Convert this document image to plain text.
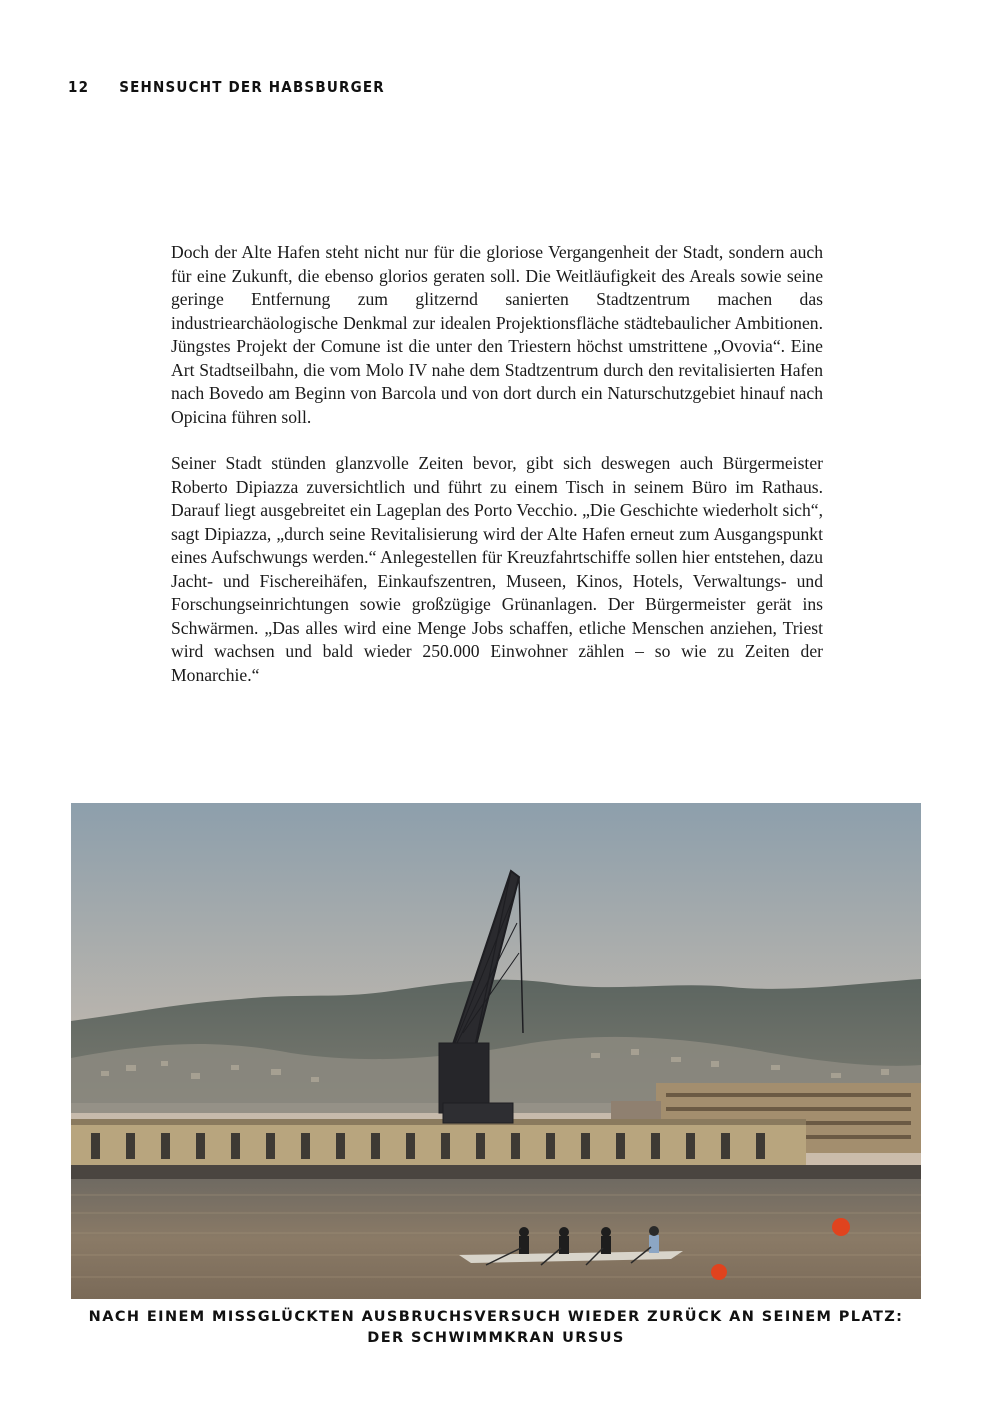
12 SEHNSUCHT DER HABSBURGER

Doch der Alte Hafen steht nicht nur für die gloriose Vergangenheit der Stadt, sondern auch für eine Zukunft, die ebenso glorios geraten soll. Die Weitläufigkeit des Areals sowie seine geringe Entfernung zum glitzernd sanierten Stadtzentrum machen das industriearchäologische Denkmal zur idealen Projektionsfläche städtebaulicher Ambitionen. Jüngstes Projekt der Comune ist die unter den Triestern höchst umstrittene „Ovovia“. Eine Art Stadtseilbahn, die vom Molo IV nahe dem Stadtzentrum durch den revitalisierten Hafen nach Bovedo am Beginn von Barcola und von dort durch ein Naturschutzgebiet hinauf nach Opicina führen soll.

Seiner Stadt stünden glanzvolle Zeiten bevor, gibt sich deswegen auch Bürgermeister Roberto Dipiazza zuversichtlich und führt zu einem Tisch in seinem Büro im Rathaus. Darauf liegt ausgebreitet ein Lageplan des Porto Vecchio. „Die Geschichte wiederholt sich“, sagt Dipiazza, „durch seine Revitalisierung wird der Alte Hafen erneut zum Ausgangspunkt eines Aufschwungs werden.“ Anlegestellen für Kreuzfahrtschiffe sollen hier entstehen, dazu Jacht- und Fischereihäfen, Einkaufszentren, Museen, Kinos, Hotels, Verwaltungs- und Forschungseinrichtungen sowie großzügige Grünanlagen. Der Bürgermeister gerät ins Schwärmen. „Das alles wird eine Menge Jobs schaffen, etliche Menschen anziehen, Triest wird wachsen und bald wieder 250.000 Einwohner zählen – so wie zu Zeiten der Monarchie.“

NACH EINEM MISSGLÜCKTEN AUSBRUCHSVERSUCH WIEDER ZURÜCK AN SEINEM PLATZ:
DER SCHWIMMKRAN URSUS
